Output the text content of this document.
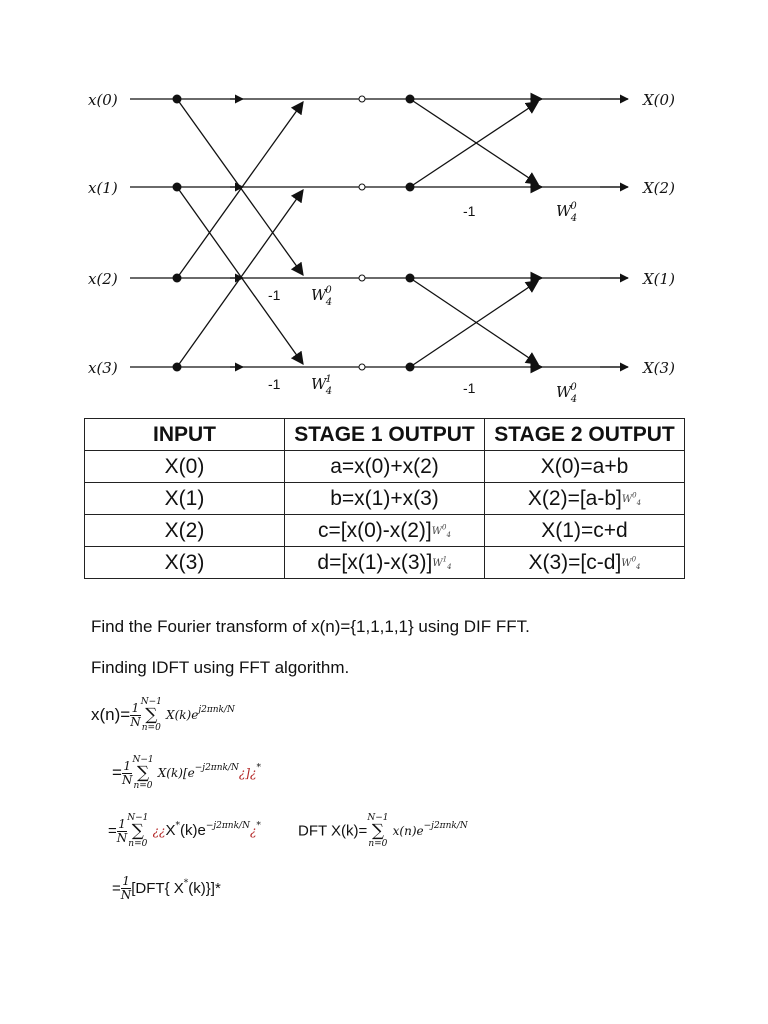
x(0)
x(1)
x(2)
x(3)
X(0)
X(2)
X(1)
X(3)
-1 W0 4
-1 W1 4
-1	W0 4
-1	W0 4
INPUT	STAGE 1 OUTPUT	STAGE 2 OUTPUT
X(0)	a=x(0)+x(2)	X(0)=a+b
X(1)	b=x(1)+x(3)	$X(2)=[a-b]W^0_4$
X(2)	$c=[x(0)-x(2)]W^0_4$	X(1)=c+d
X(3)	$d=[x(1)-x(3)]W^1_4$	$X(3)=[c-d]W^0_4$
Find the Fourier transform of x(n)={1,1,1,1} using DIF FFT.
Finding IDFT using FFT algorithm.
$x(n)= \frac{1}{N}N-1$
∑
n=0 $X(k)e^{j2\pi nk/N}$
= $\frac{1}{N}N-1$
∑
n=0 $X(k)[e^{-j2\pi nk/N}¿]¿^*$
= $\frac{1}{N}N-1$
∑
n=0 ¿¿$X^*(k)e^{-j2\pi nk/N}¿^*$ DFT X(k)=N−1
∑
n=0 $x(n)e^{-j2\pi nk/N}$
= $\frac{1}{N}[DFT${ X*(k)}]*
